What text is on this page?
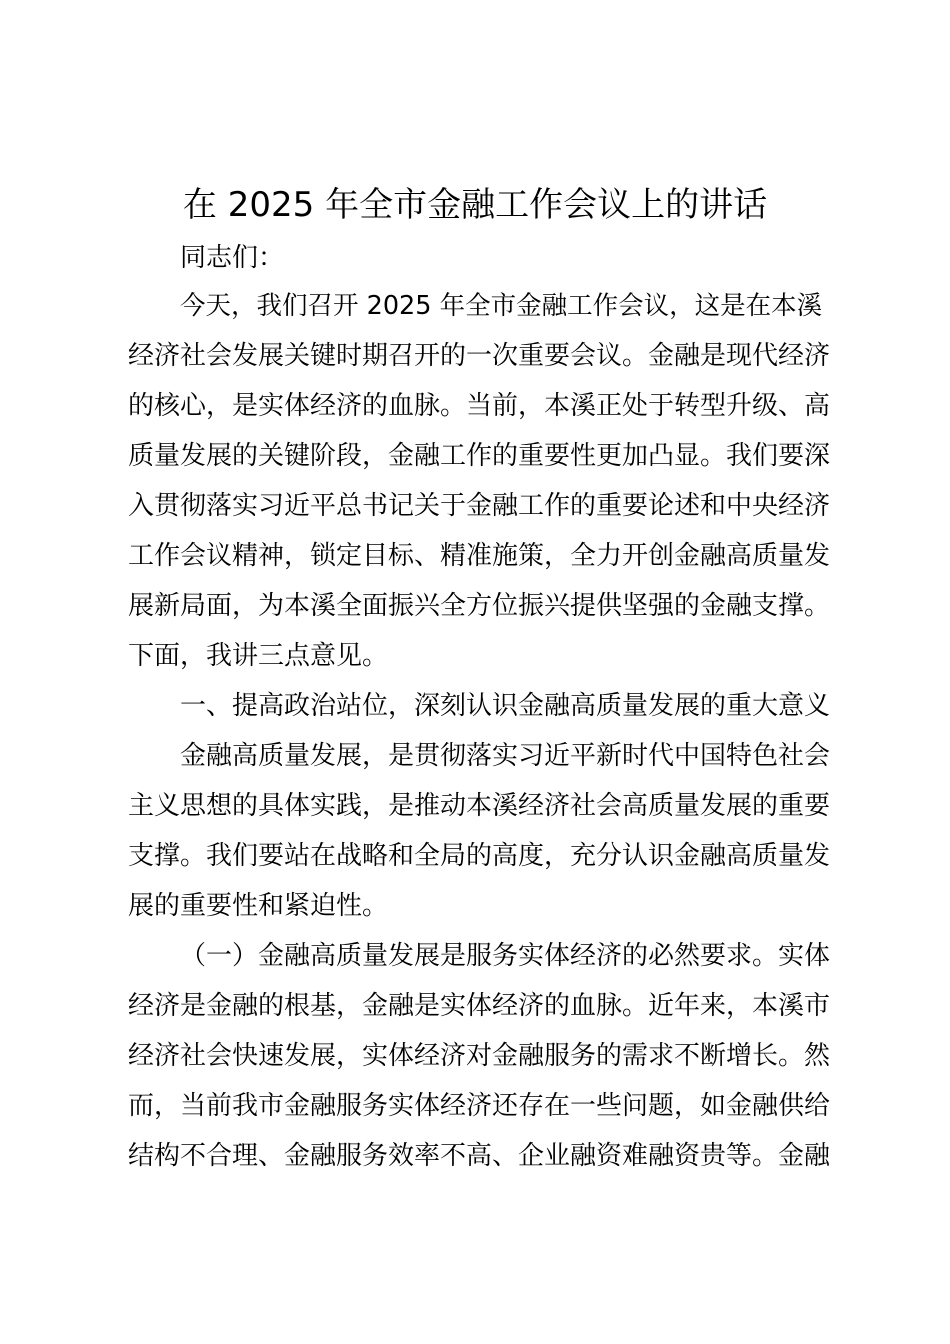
在 2025 年全市金融工作会议上的讲话
同志们：
今天，我们召开 2025 年全市金融工作会议，这是在本溪
经济社会发展关键时期召开的一次重要会议。金融是现代经济
的核心，是实体经济的血脉。当前，本溪正处于转型升级、高
质量发展的关键阶段，金融工作的重要性更加凸显。我们要深
入贯彻落实习近平总书记关于金融工作的重要论述和中央经济
工作会议精神，锁定目标、精准施策，全力开创金融高质量发
展新局面，为本溪全面振兴全方位振兴提供坚强的金融支撑。
下面，我讲三点意见。
一、提高政治站位，深刻认识金融高质量发展的重大意义
金融高质量发展，是贯彻落实习近平新时代中国特色社会
主义思想的具体实践，是推动本溪经济社会高质量发展的重要
支撑。我们要站在战略和全局的高度，充分认识金融高质量发
展的重要性和紧迫性。
（一）金融高质量发展是服务实体经济的必然要求。实体
经济是金融的根基，金融是实体经济的血脉。近年来，本溪市
经济社会快速发展，实体经济对金融服务的需求不断增长。然
而，当前我市金融服务实体经济还存在一些问题，如金融供给
结构不合理、金融服务效率不高、企业融资难融资贵等。金融
